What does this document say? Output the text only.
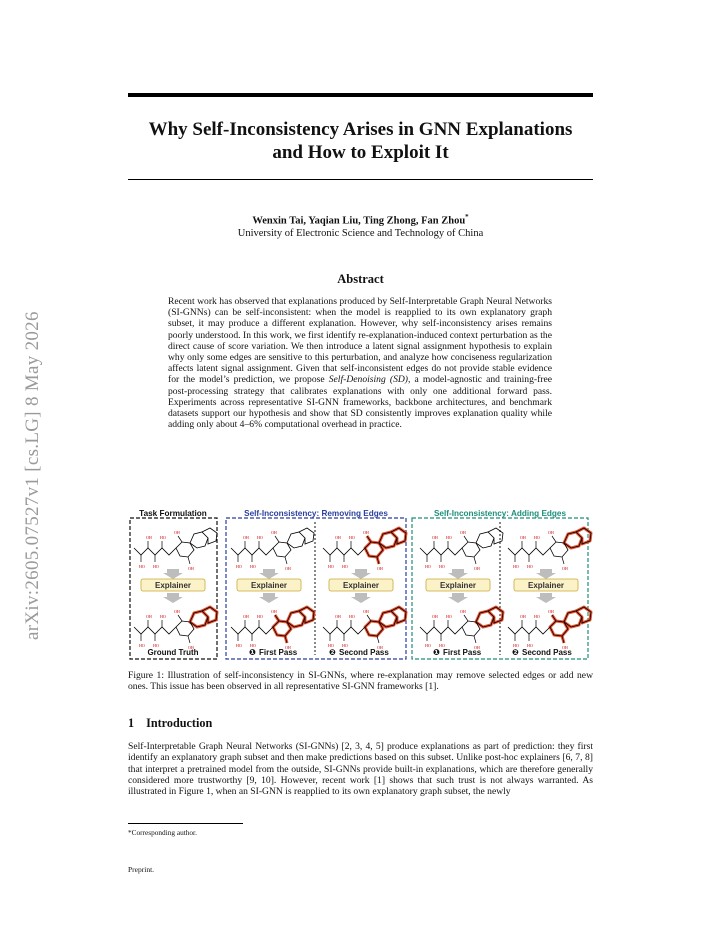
arXiv:2605.07527v1 [cs.LG] 8 May 2026
Why Self-Inconsistency Arises in GNN Explanations
and How to Exploit It
Wenxin Tai, Yaqian Liu, Ting Zhong, Fan Zhou*
University of Electronic Science and Technology of China
Abstract
Recent work has observed that explanations produced by Self-Interpretable Graph Neural Networks (SI-GNNs) can be self-inconsistent: when the model is reapplied to its own explanatory graph subset, it may produce a different explanation. However, why self-inconsistency arises remains poorly understood. In this work, we first identify re-explanation-induced context perturbation as the direct cause of score variation. We then introduce a latent signal assignment hypothesis to explain why only some edges are sensitive to this perturbation, and analyze how conciseness regularization affects latent signal assignment. Given that self-inconsistent edges do not provide stable evidence for the model’s prediction, we propose Self-Denoising (SD), a model-agnostic and training-free post-processing strategy that calibrates explanations with only one additional forward pass. Experiments across representative SI-GNN frameworks, backbone architectures, and benchmark datasets support our hypothesis and show that SD consistently improves explanation quality while adding only about 4–6% computational overhead in practice.
HO	HO
OH	HO
OH
OH
Task Formulation	Self-Inconsistency: Removing Edges	Self-Inconsistency: Adding Edges
Explainer	Explainer	Explainer	Explainer	Explainer
Ground Truth	❶ First Pass	❷ Second Pass	❶ First Pass	❷ Second Pass
Figure 1: Illustration of self-inconsistency in SI-GNNs, where re-explanation may remove selected edges or add new ones. This issue has been observed in all representative SI-GNN frameworks [1].
1 Introduction
Self-Interpretable Graph Neural Networks (SI-GNNs) [2, 3, 4, 5] produce explanations as part of prediction: they first identify an explanatory graph subset and then make predictions based on this subset. Unlike post-hoc explainers [6, 7, 8] that interpret a pretrained model from the outside, SI-GNNs provide built-in explanations, which are therefore generally considered more trustworthy [9, 10]. However, recent work [1] shows that such trust is not always warranted. As illustrated in Figure 1, when an SI-GNN is reapplied to its own explanatory graph subset, the newly
*Corresponding author.
Preprint.
